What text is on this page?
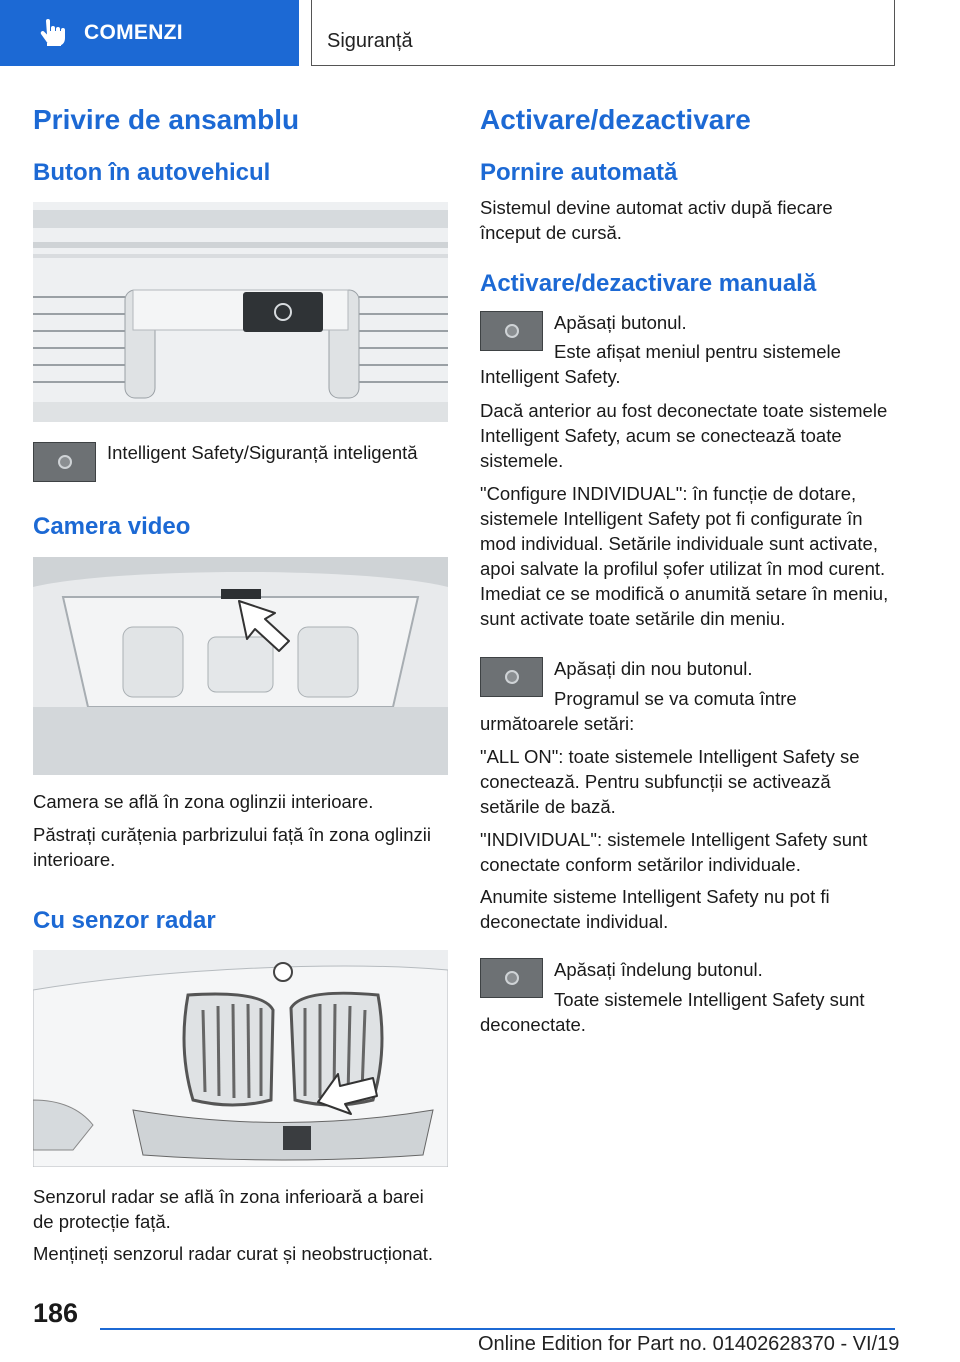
COMENZI	Siguranță
Privire de ansamblu
Buton în autovehicul

Intelligent Safety/Siguranță inteligentă

Camera video

Camera se află în zona oglinzii interioare.

Păstrați curățenia parbrizului față în zona oglinzii interioare.

Cu senzor radar

Senzorul radar se află în zona inferioară a barei de protecție față.

Mențineți senzorul radar curat și neobstrucționat.

Activare/dezactivare
Pornire automată

Sistemul devine automat activ după fiecare început de cursă.

Activare/dezactivare manuală

Apăsați butonul.

Este afișat meniul pentru sistemele Intelligent Safety.

Dacă anterior au fost deconectate toate sistemele Intelligent Safety, acum se conectează toate sistemele.

"Configure INDIVIDUAL": în funcție de dotare, sistemele Intelligent Safety pot fi configurate în mod individual. Setările individuale sunt activate, apoi salvate la profilul șofer utilizat în mod curent. Imediat ce se modifică o anumită setare în meniu, sunt activate toate setările din meniu.

Apăsați din nou butonul.

Programul se va comuta între următoarele setări:

"ALL ON": toate sistemele Intelligent Safety se conectează. Pentru subfuncții se activează setările de bază.

"INDIVIDUAL": sistemele Intelligent Safety sunt conectate conform setărilor individuale.

Anumite sisteme Intelligent Safety nu pot fi deconectate individual.

Apăsați îndelung butonul.

Toate sistemele Intelligent Safety sunt deconectate.

186
Online Edition for Part no. 01402628370 - VI/19
